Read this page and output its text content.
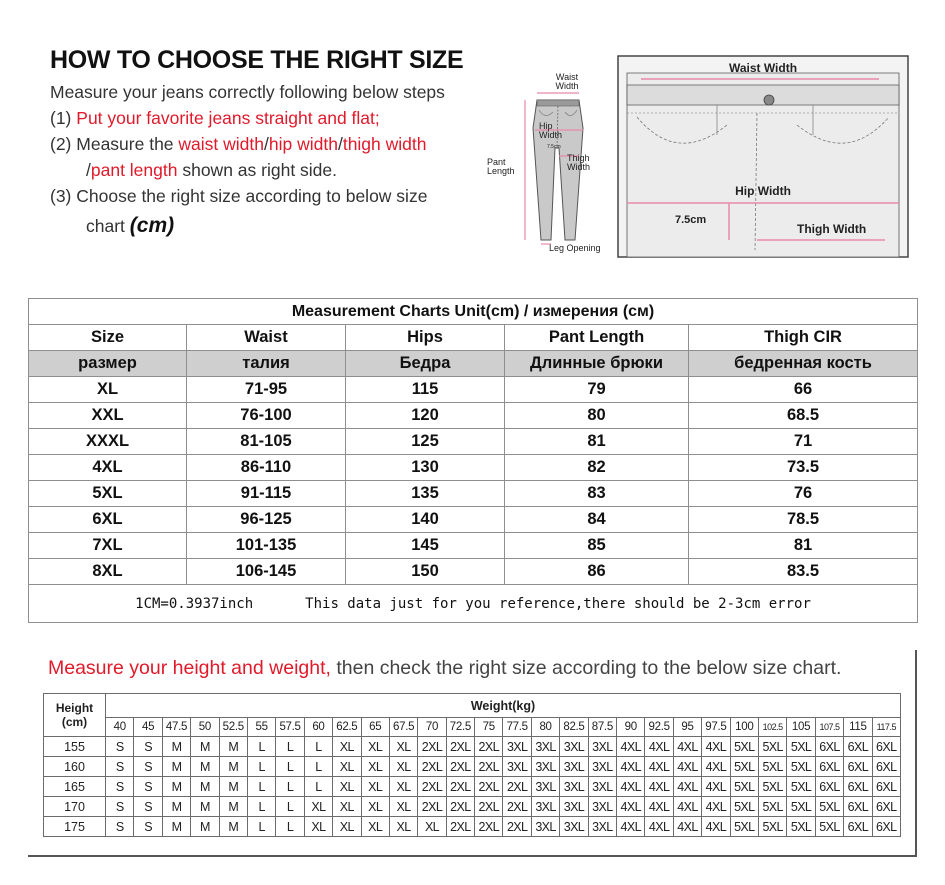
HOW TO CHOOSE THE RIGHT SIZE
Measure your jeans correctly following below steps
(1) Put your favorite jeans straight and flat;
(2) Measure the waist width/hip width/thigh width
/pant length shown as right side.
(3) Choose the right size according to below size
chart (cm)
Waist
Width
Hip
Width
7.5cm
Thigh
Width
Pant
Length
Leg Opening
Waist Width
Hip Width
7.5cm
Thigh Width
Measurement Charts Unit(cm) / измерения (см)				
Size	Waist	Hips	Pant Length	Thigh CIR
размер	талия	Бедра	Длинные брюки	бедренная кость
XL	71-95	115	79	66
XXL	76-100	120	80	68.5
XXXL	81-105	125	81	71
4XL	86-110	130	82	73.5
5XL	91-115	135	83	76
6XL	96-125	140	84	78.5
7XL	101-135	145	85	81
8XL	106-145	150	86	83.5
1CM=0.3937inch This data just for you reference,there should be 2-3cm error				
Measure your height and weight, then check the right size according to the below size chart.
Height
(cm)	Weight(kg)																											
	40	45	47.5	50	52.5	55	57.5	60	62.5	65	67.5	70	72.5	75	77.5	80	82.5	87.5	90	92.5	95	97.5	100	102.5	105	107.5	115	117.5
155	S	S	M	M	M	L	L	L	XL	XL	XL	2XL	2XL	2XL	3XL	3XL	3XL	3XL	4XL	4XL	4XL	4XL	5XL	5XL	5XL	6XL	6XL	6XL
160	S	S	M	M	M	L	L	L	XL	XL	XL	2XL	2XL	2XL	3XL	3XL	3XL	3XL	4XL	4XL	4XL	4XL	5XL	5XL	5XL	6XL	6XL	6XL
165	S	S	M	M	M	L	L	L	XL	XL	XL	2XL	2XL	2XL	2XL	3XL	3XL	3XL	4XL	4XL	4XL	4XL	5XL	5XL	5XL	6XL	6XL	6XL
170	S	S	M	M	M	L	L	XL	XL	XL	XL	2XL	2XL	2XL	2XL	3XL	3XL	3XL	4XL	4XL	4XL	4XL	5XL	5XL	5XL	5XL	6XL	6XL
175	S	S	M	M	M	L	L	XL	XL	XL	XL	XL	2XL	2XL	2XL	3XL	3XL	3XL	4XL	4XL	4XL	4XL	5XL	5XL	5XL	5XL	6XL	6XL
